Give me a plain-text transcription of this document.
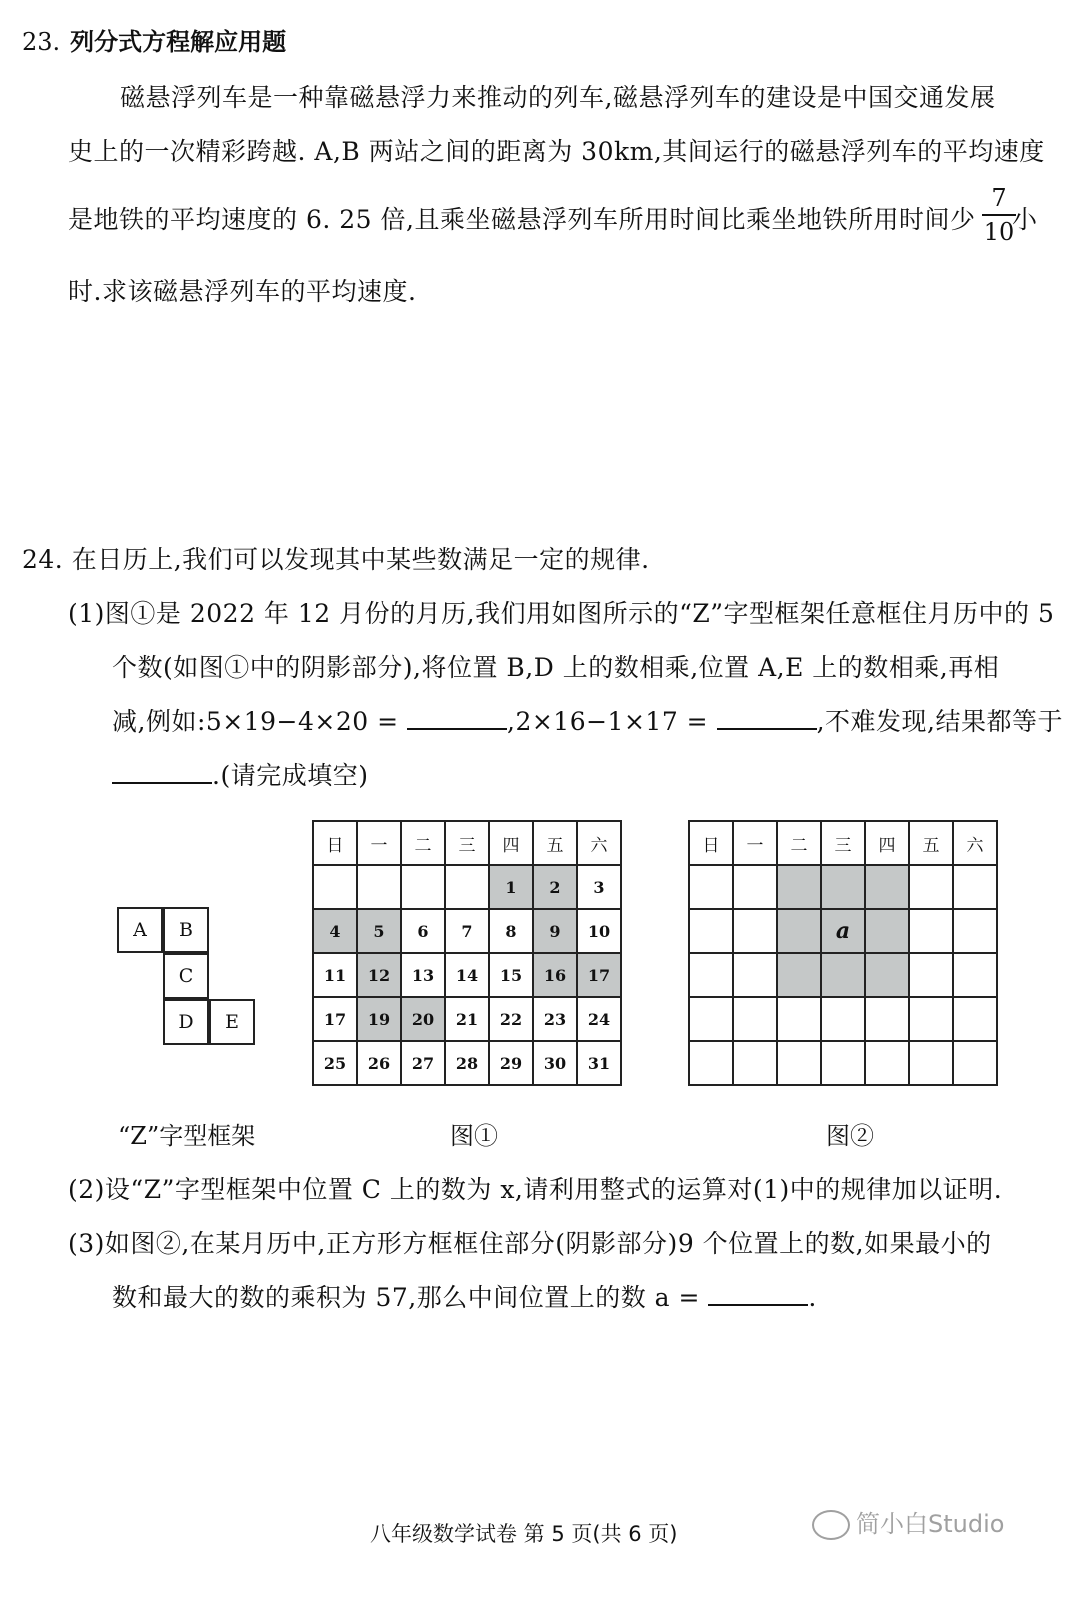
23. 列分式方程解应用题
磁悬浮列车是一种靠磁悬浮力来推动的列车,磁悬浮列车的建设是中国交通发展
史上的一次精彩跨越. A,B 两站之间的距离为 30km,其间运行的磁悬浮列车的平均速度
是地铁的平均速度的 6. 25 倍,且乘坐磁悬浮列车所用时间比乘坐地铁所用时间少
7
10
小
时.求该磁悬浮列车的平均速度.
24. 在日历上,我们可以发现其中某些数满足一定的规律.
(1)图①是 2022 年 12 月份的月历,我们用如图所示的“Z”字型框架任意框住月历中的 5
个数(如图①中的阴影部分),将位置 B,D 上的数相乘,位置 A,E 上的数相乘,再相
减,例如:5×19−4×20 =	,2×16−1×17 =	,不难发现,结果都等于
.(请完成填空)
A	B
C
D	E
“Z”字型框架
日	一	二	三	四	五	六
				1	2	3
4	5	6	7	8	9	10
11	12	13	14	15	16	17
17	19	20	21	22	23	24
25	26	27	28	29	30	31
图①
日	一	二	三	四	五	六

			a			

图②
(2)设“Z”字型框架中位置 C 上的数为 x,请利用整式的运算对(1)中的规律加以证明.
(3)如图②,在某月历中,正方形方框框住部分(阴影部分)9 个位置上的数,如果最小的
数和最大的数的乘积为 57,那么中间位置上的数 a =	.
八年级数学试卷 第 5 页(共 6 页)	简小白Studio
